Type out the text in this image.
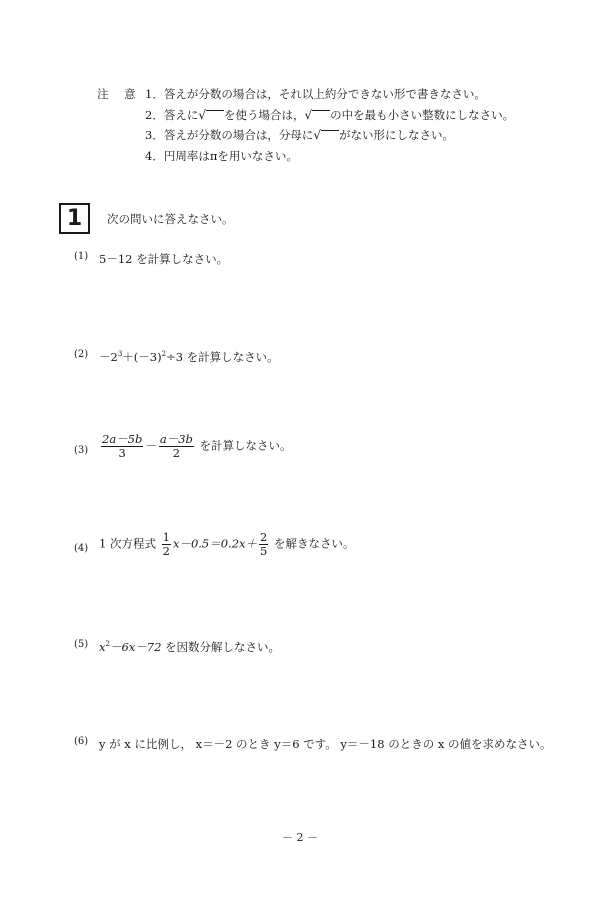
注 意 1．答えが分数の場合は，それ以上約分できない形で書きなさい。
2．答えに√ を使う場合は，√ の中を最も小さい整数にしなさい。
3．答えが分数の場合は，分母に√ がない形にしなさい。
4．円周率はπを用いなさい。
1	次の問いに答えなさい。
(1) 5－12 を計算しなさい。
$(2) -2^3+(-3)^2\div 3$ を計算しなさい。
$(3) \frac{2a-5b}{3} - \frac{a-3b}{2}$ を計算しなさい。
(4) 1 次方程式 $\frac{1}{2} x-0.5=0.2x+ \frac{2}{5}$ を解きなさい。
(5) $x^2-6x-72$ を因数分解しなさい。
(6) y が x に比例し， x＝－2 のとき y＝6 です。 y＝－18 のときの x の値を求めなさい。
－ 2 －
